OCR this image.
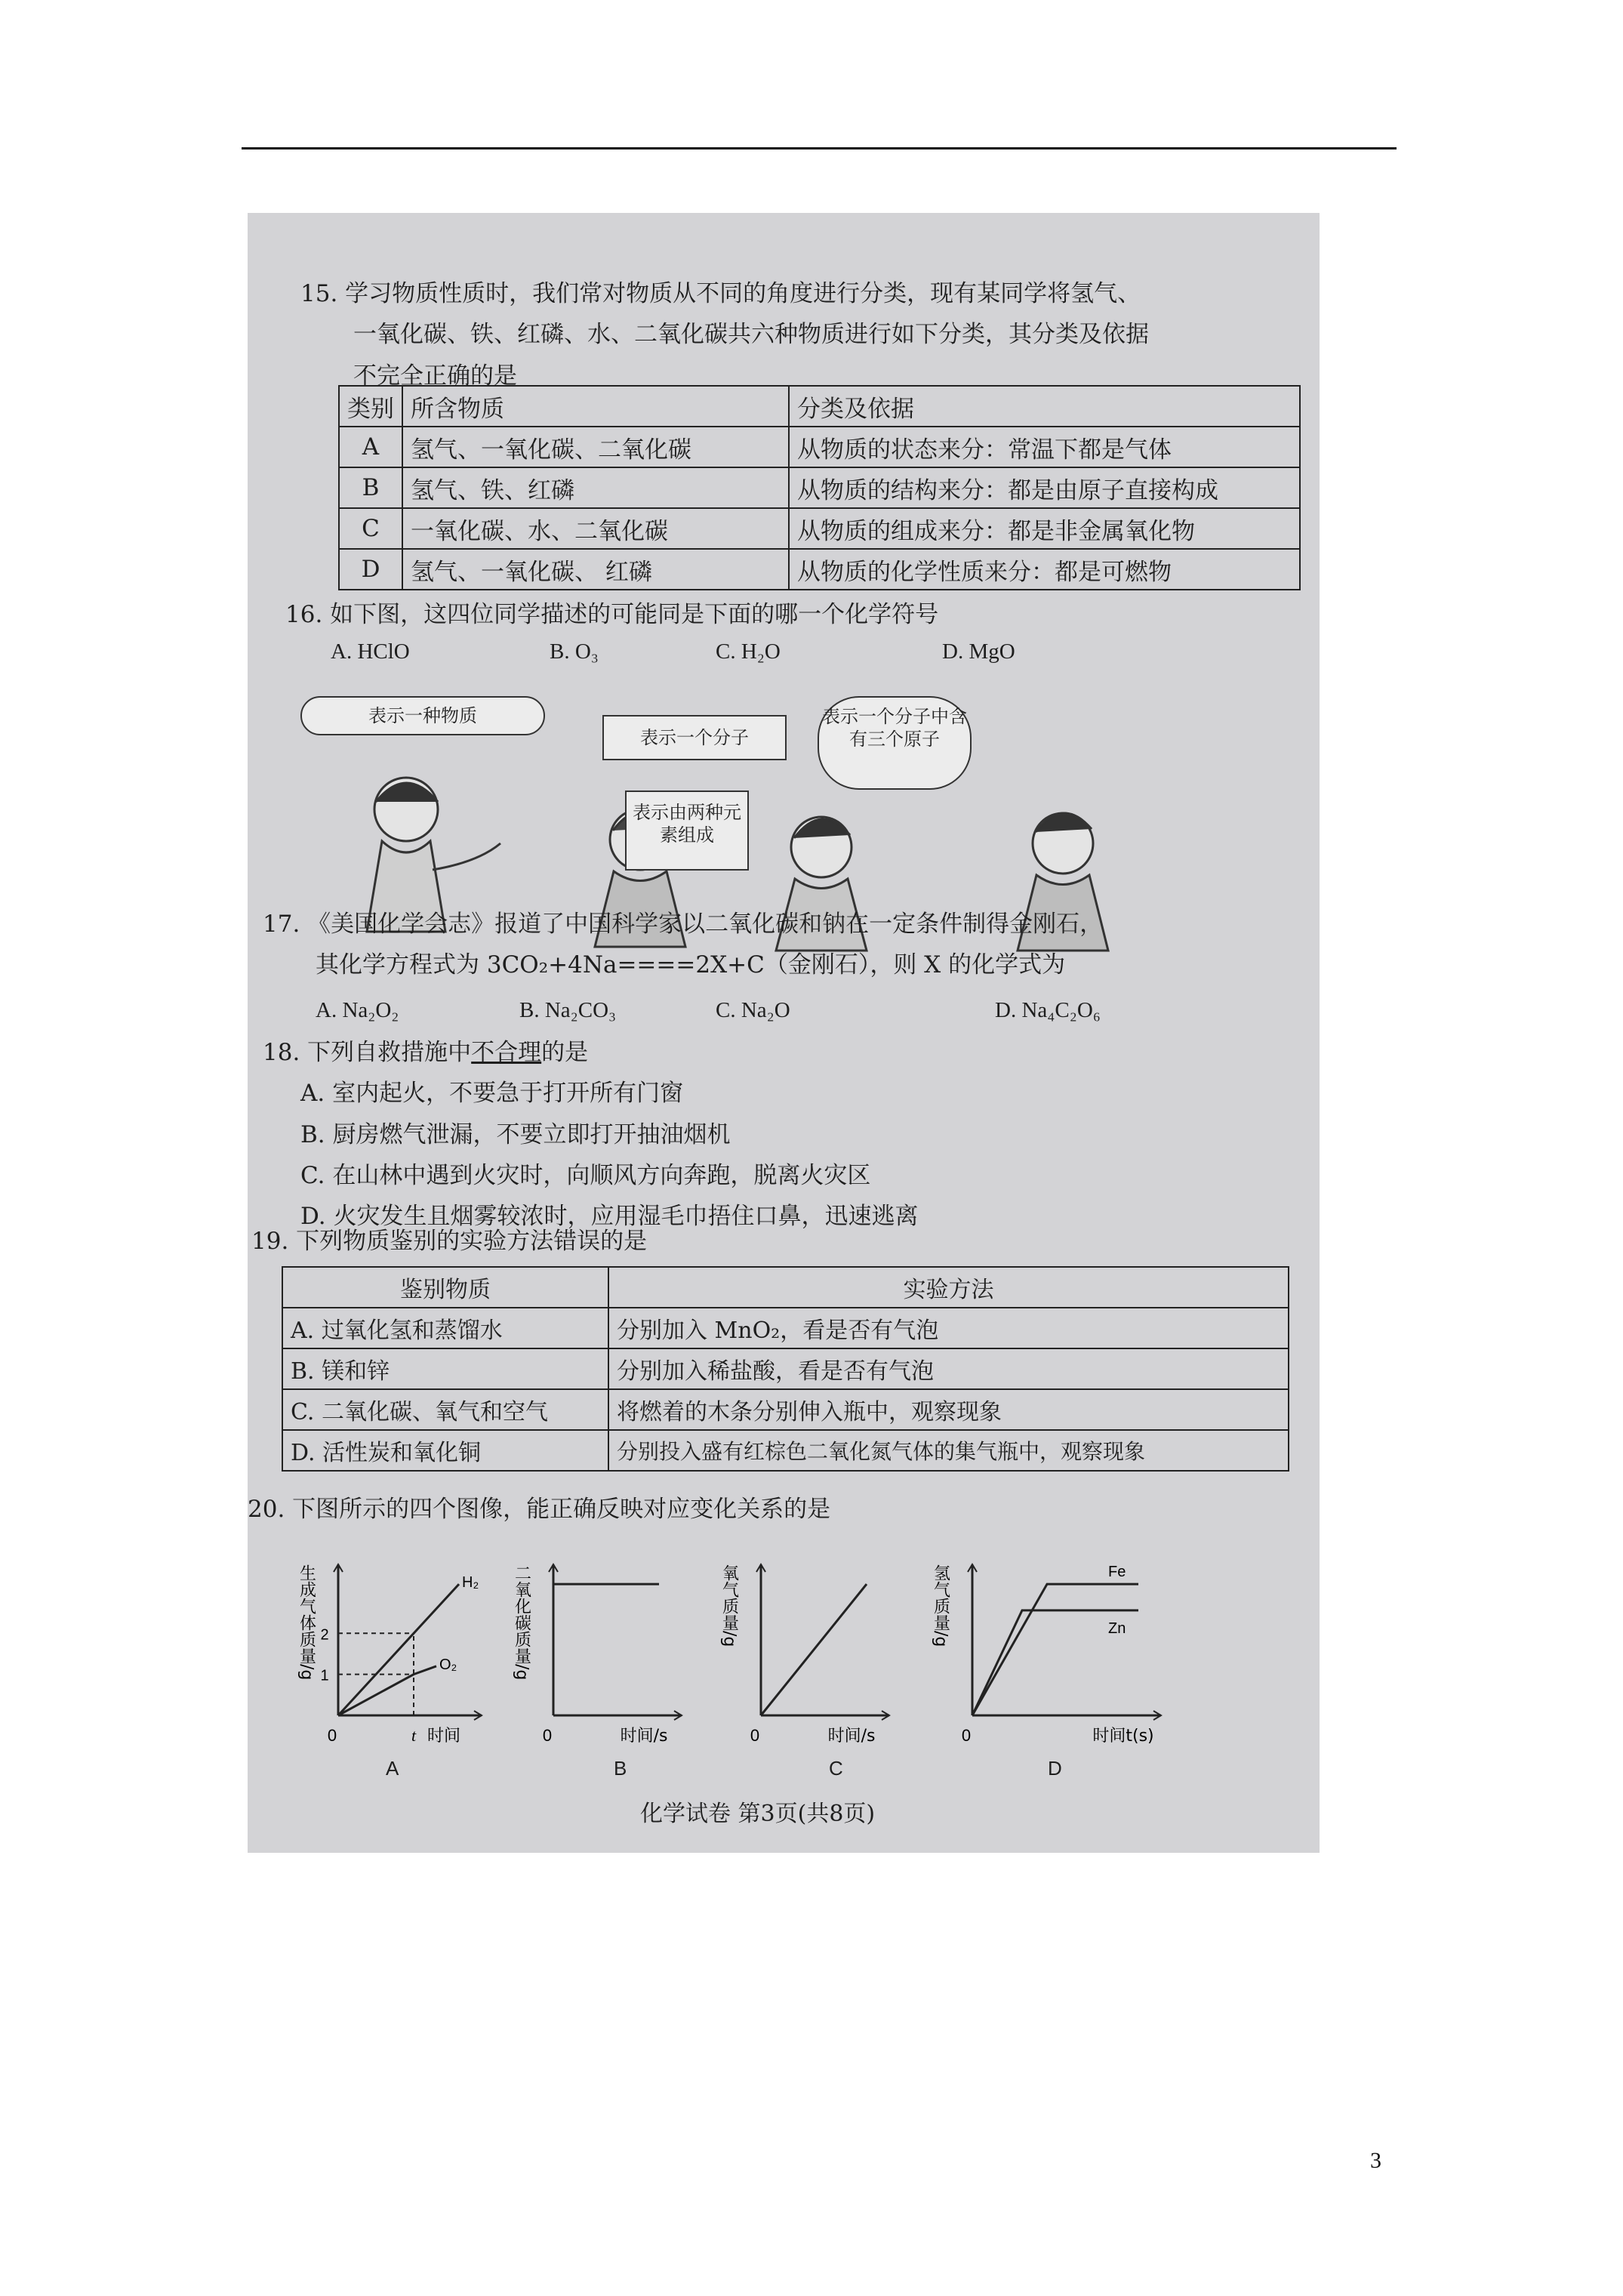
15. 学习物质性质时，我们常对物质从不同的角度进行分类，现有某同学将氢气、
一氧化碳、铁、红磷、水、二氧化碳共六种物质进行如下分类，其分类及依据
不完全正确的是
类别	所含物质	分类及依据
A	氢气、一氧化碳、二氧化碳	从物质的状态来分：常温下都是气体
B	氢气、铁、红磷	从物质的结构来分：都是由原子直接构成
C	一氧化碳、水、二氧化碳	从物质的组成来分：都是非金属氧化物
D	氢气、一氧化碳、 红磷	从物质的化学性质来分：都是可燃物
16. 如下图，这四位同学描述的可能同是下面的哪一个化学符号
A. HClO	B. O₃	C. H₂O	D. MgO
表示一种物质
表示一个分子
表示一个分子中含有三个原子
表示由两种元素组成
17. 《美国化学会志》报道了中国科学家以二氧化碳和钠在一定条件制得金刚石，
其化学方程式为 3CO₂+4Na====2X+C（金刚石），则 X 的化学式为
A. Na₂O₂	B. Na₂CO₃	C. Na₂O	D. Na₄C₂O₆
18. 下列自救措施中不合理的是
A. 室内起火，不要急于打开所有门窗
B. 厨房燃气泄漏，不要立即打开抽油烟机
C. 在山林中遇到火灾时，向顺风方向奔跑，脱离火灾区
D. 火灾发生且烟雾较浓时，应用湿毛巾捂住口鼻，迅速逃离
19. 下列物质鉴别的实验方法错误的是
鉴别物质	实验方法
A. 过氧化氢和蒸馏水	分别加入 MnO₂，看是否有气泡
B. 镁和锌	分别加入稀盐酸，看是否有气泡
C. 二氧化碳、氧气和空气	将燃着的木条分别伸入瓶中，观察现象
D. 活性炭和氧化铜	分别投入盛有红棕色二氧化氮气体的集气瓶中，观察现象
20. 下图所示的四个图像，能正确反映对应变化关系的是
0	时间
生成气体质量/g 2
1
t
H₂
O₂
0	时间/s
二氧化碳质量/g
0	时间/s
氧气质量/g
0	时间t(s)
氢气质量/g	Fe
Zn
A	B	C	D
化学试卷 第3页(共8页)
3
